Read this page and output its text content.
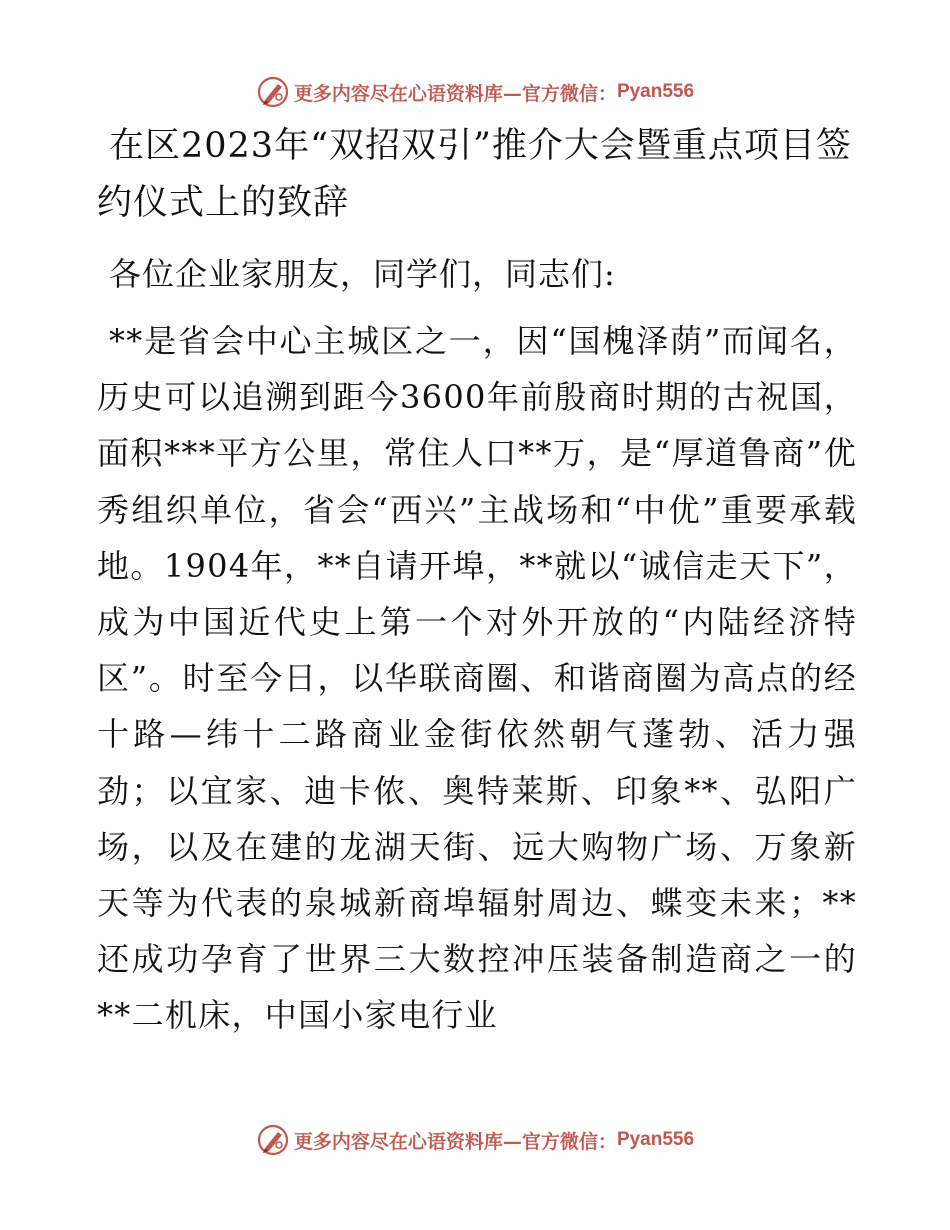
更多内容尽在心语资料库—官方微信： Pyan556
在区2023年“双招双引”推介大会暨重点项目签约仪式上的致辞

各位企业家朋友，同学们，同志们:

**是省会中心主城区之一，因“国槐泽荫”而闻名，历史可以追溯到距今3600年前殷商时期的古祝国，面积***平方公里，常住人口**万，是“厚道鲁商”优秀组织单位，省会“西兴”主战场和“中优”重要承载地。1904年，**自请开埠，**就以“诚信走天下”，成为中国近代史上第一个对外开放的“内陆经济特区”。时至今日，以华联商圈、和谐商圈为高点的经十路—纬十二路商业金街依然朝气蓬勃、活力强劲；以宜家、迪卡侬、奥特莱斯、印象**、弘阳广场，以及在建的龙湖天街、远大购物广场、万象新天等为代表的泉城新商埠辐射周边、蝶变未来；**还成功孕育了世界三大数控冲压装备制造商之一的**二机床，中国小家电行业

更多内容尽在心语资料库—官方微信： Pyan556
